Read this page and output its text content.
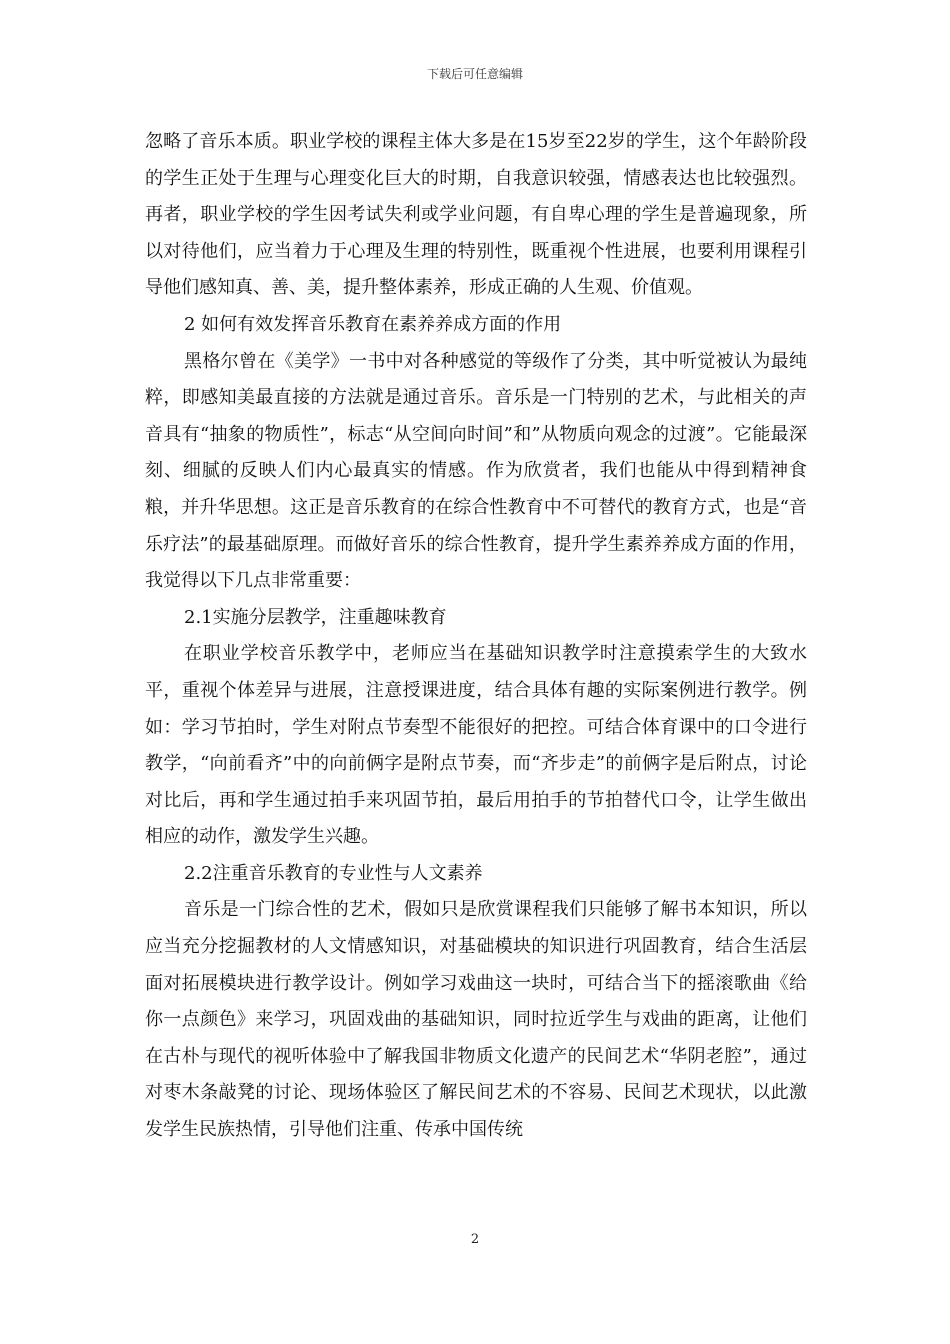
下载后可任意编辑

忽略了音乐本质。职业学校的课程主体大多是在15岁至22岁的学生，这个年龄阶段的学生正处于生理与心理变化巨大的时期，自我意识较强，情感表达也比较强烈。再者，职业学校的学生因考试失利或学业问题，有自卑心理的学生是普遍现象，所以对待他们，应当着力于心理及生理的特别性，既重视个性进展，也要利用课程引导他们感知真、善、美，提升整体素养，形成正确的人生观、价值观。

2 如何有效发挥音乐教育在素养养成方面的作用

黑格尔曾在《美学》一书中对各种感觉的等级作了分类，其中听觉被认为最纯粹，即感知美最直接的方法就是通过音乐。音乐是一门特别的艺术，与此相关的声音具有“抽象的物质性”，标志“从空间向时间”和”从物质向观念的过渡”。它能最深刻、细腻的反映人们内心最真实的情感。作为欣赏者，我们也能从中得到精神食粮，并升华思想。这正是音乐教育的在综合性教育中不可替代的教育方式，也是“音乐疗法”的最基础原理。而做好音乐的综合性教育，提升学生素养养成方面的作用，我觉得以下几点非常重要：

2.1实施分层教学，注重趣味教育

在职业学校音乐教学中，老师应当在基础知识教学时注意摸索学生的大致水平，重视个体差异与进展，注意授课进度，结合具体有趣的实际案例进行教学。例如：学习节拍时，学生对附点节奏型不能很好的把控。可结合体育课中的口令进行教学，“向前看齐”中的向前俩字是附点节奏，而“齐步走”的前俩字是后附点，讨论对比后，再和学生通过拍手来巩固节拍，最后用拍手的节拍替代口令，让学生做出相应的动作，激发学生兴趣。

2.2注重音乐教育的专业性与人文素养

音乐是一门综合性的艺术，假如只是欣赏课程我们只能够了解书本知识，所以应当充分挖掘教材的人文情感知识，对基础模块的知识进行巩固教育，结合生活层面对拓展模块进行教学设计。例如学习戏曲这一块时，可结合当下的摇滚歌曲《给你一点颜色》来学习，巩固戏曲的基础知识，同时拉近学生与戏曲的距离，让他们在古朴与现代的视听体验中了解我国非物质文化遗产的民间艺术“华阴老腔”，通过对枣木条敲凳的讨论、现场体验区了解民间艺术的不容易、民间艺术现状，以此激发学生民族热情，引导他们注重、传承中国传统

2
